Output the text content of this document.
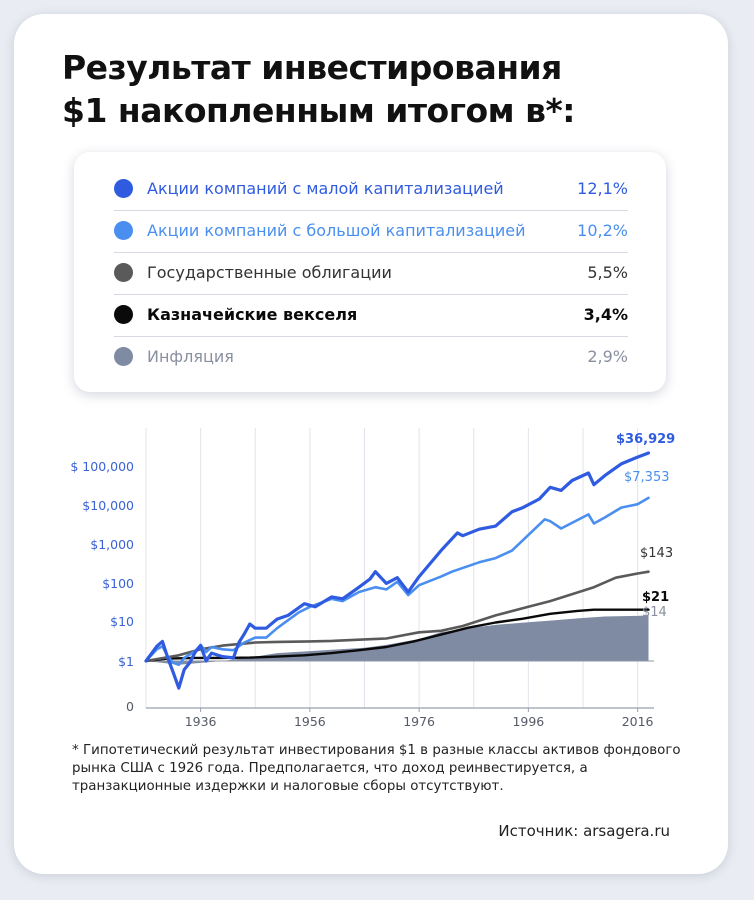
Результат инвестирования
$1 накопленным итогом в*:
Акции компаний с малой капитализацией	12,1%
Акции компаний с большой капитализацией	10,2%
Государственные облигации	5,5%
Казначейские векселя	3,4%
Инфляция	2,9%
0
$1
$10
$100
$1,000
$10,000
$ 100,000
1936	1956	1976	1996	2016
$36,929
$7,353
$143
$21
$14

* Гипотетический результат инвестирования $1 в разные классы активов фондового рынка США с 1926 года. Предполагается, что доход реинвестируется, а транзакционные издержки и налоговые сборы отсутствуют.

Источник: arsagera.ru
